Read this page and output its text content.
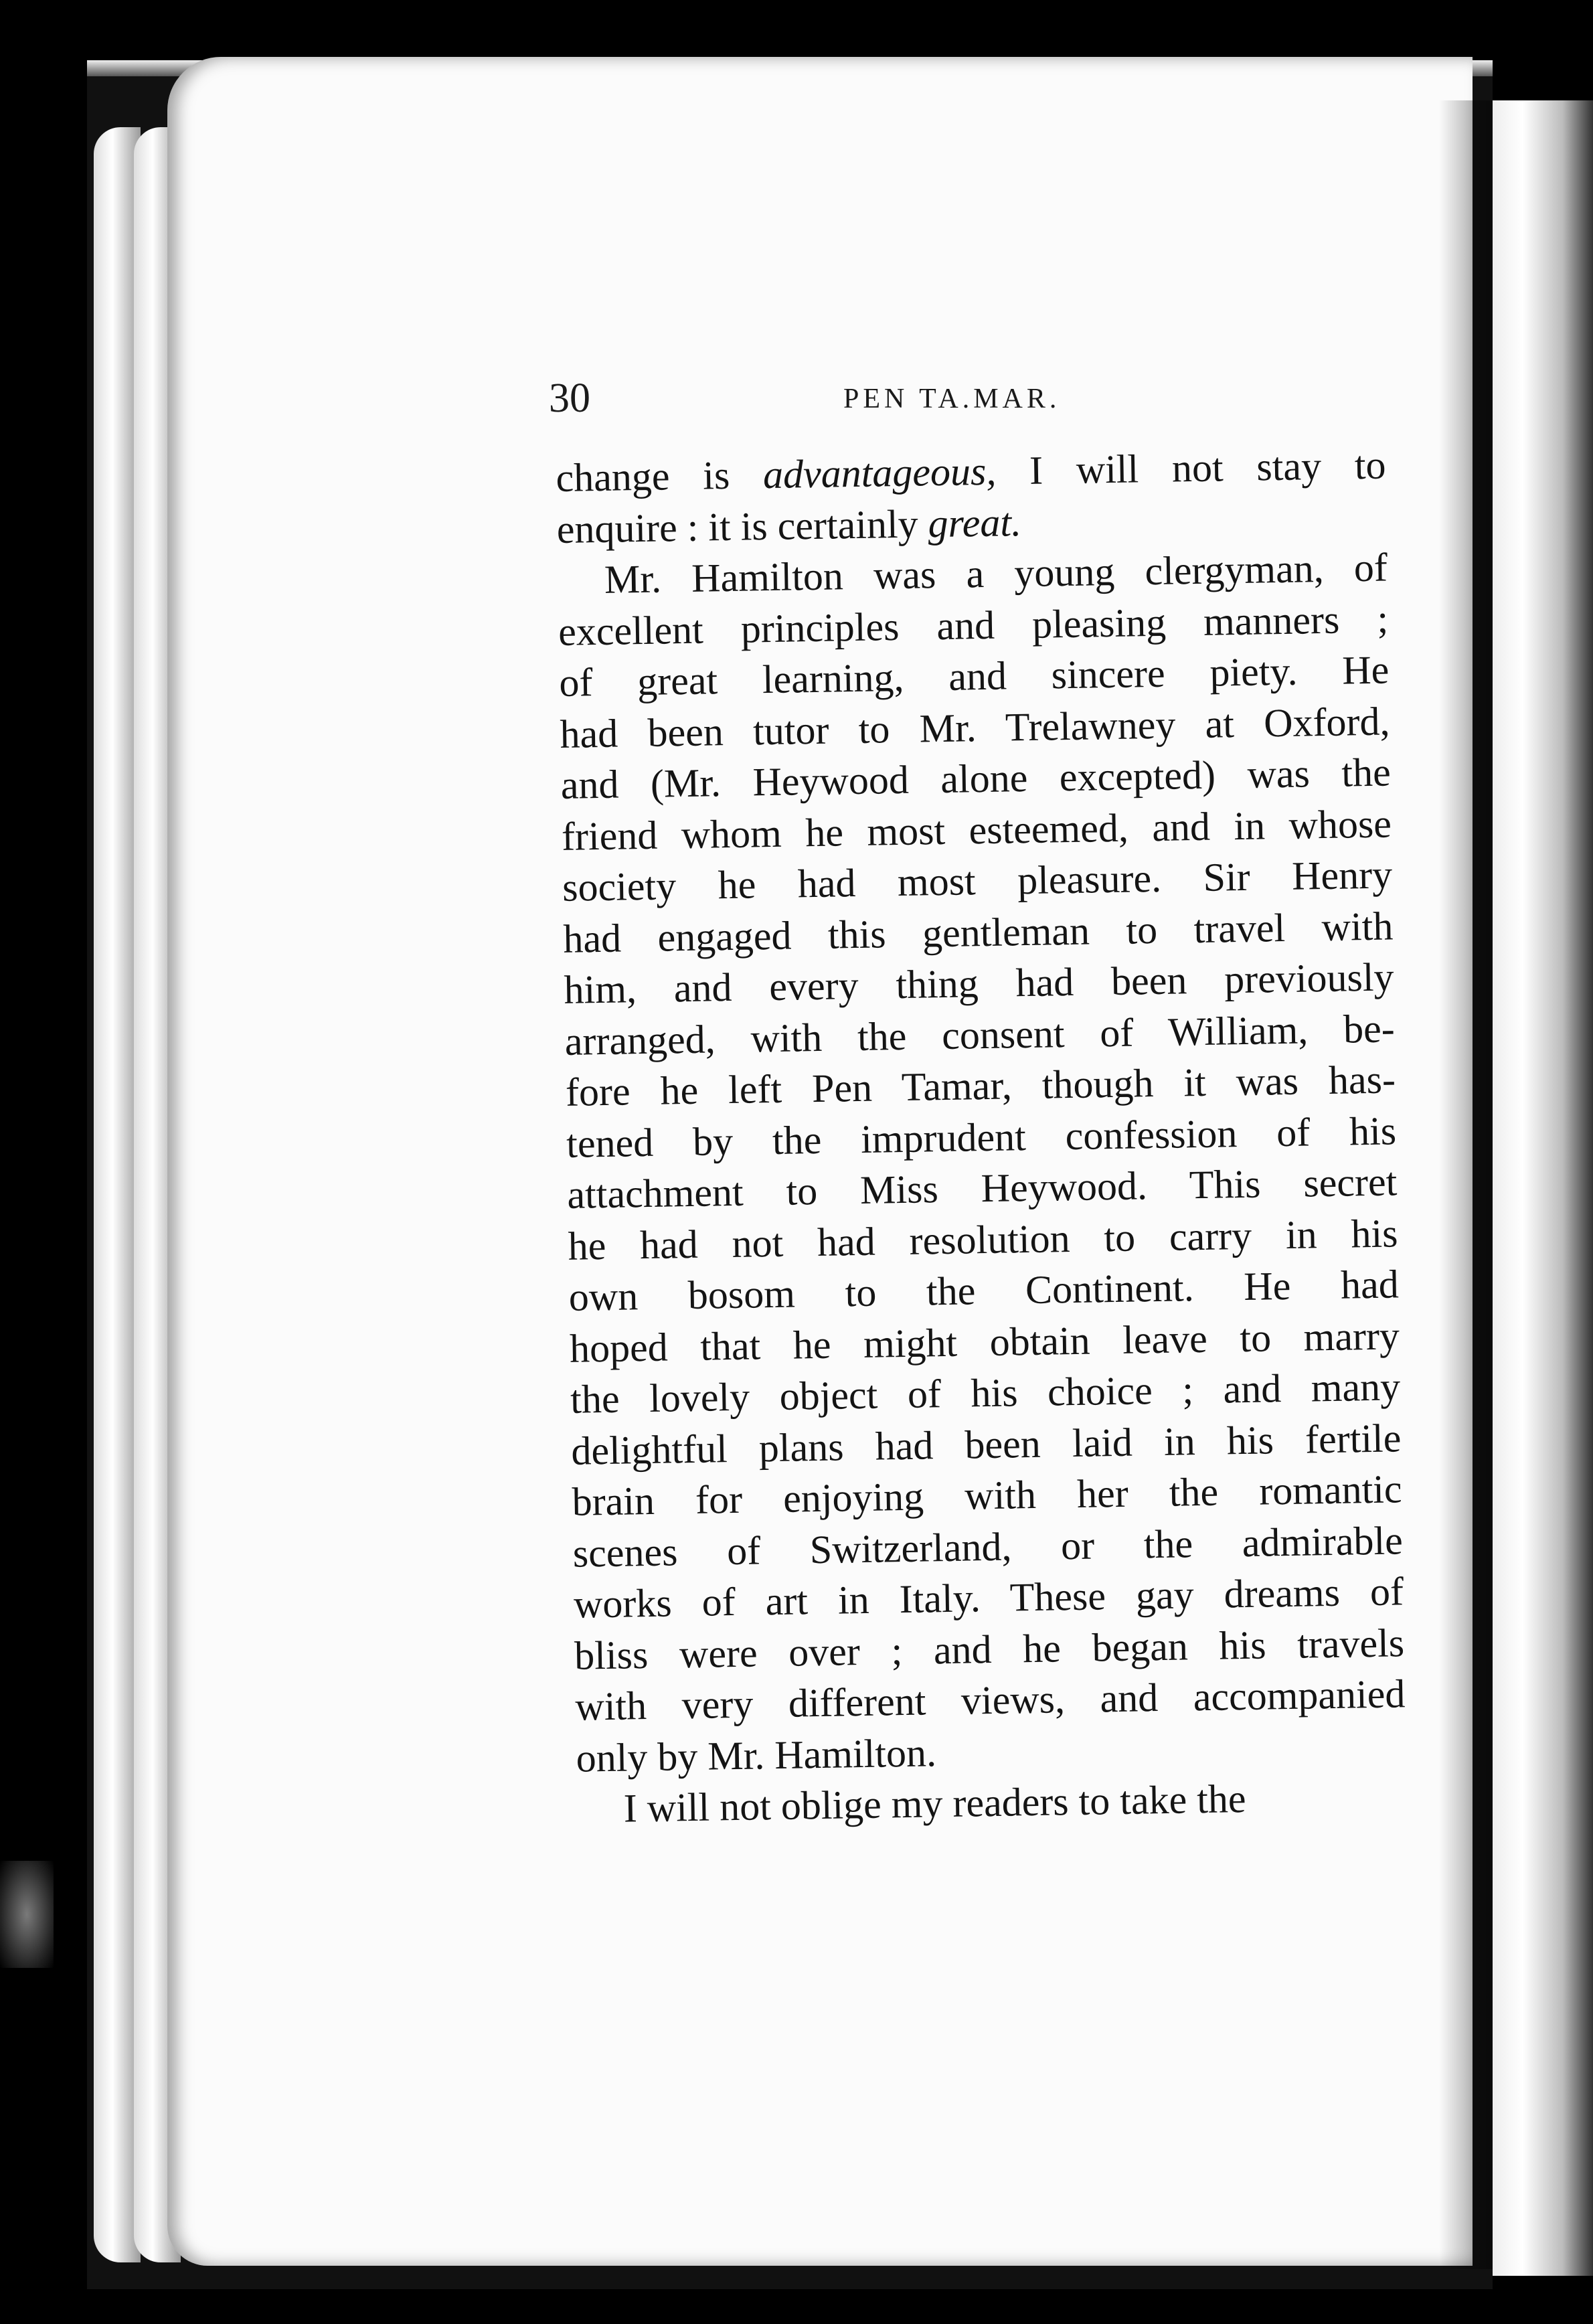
30	PEN TA.MAR.
change is advantageous, I will not stay to
enquire : it is certainly great.
Mr. Hamilton was a young clergyman, of
excellent principles and pleasing manners ;
of great learning, and sincere piety. He
had been tutor to Mr. Trelawney at Oxford,
and (Mr. Heywood alone excepted) was the
friend whom he most esteemed, and in whose
society he had most pleasure. Sir Henry
had engaged this gentleman to travel with
him, and every thing had been previously
arranged, with the consent of William, be-
fore he left Pen Tamar, though it was has-
tened by the imprudent confession of his
attachment to Miss Heywood. This secret
he had not had resolution to carry in his
own bosom to the Continent. He had
hoped that he might obtain leave to marry
the lovely object of his choice ; and many
delightful plans had been laid in his fertile
brain for enjoying with her the romantic
scenes of Switzerland, or the admirable
works of art in Italy. These gay dreams of
bliss were over ; and he began his travels
with very different views, and accompanied
only by Mr. Hamilton.
I will not oblige my readers to take the
